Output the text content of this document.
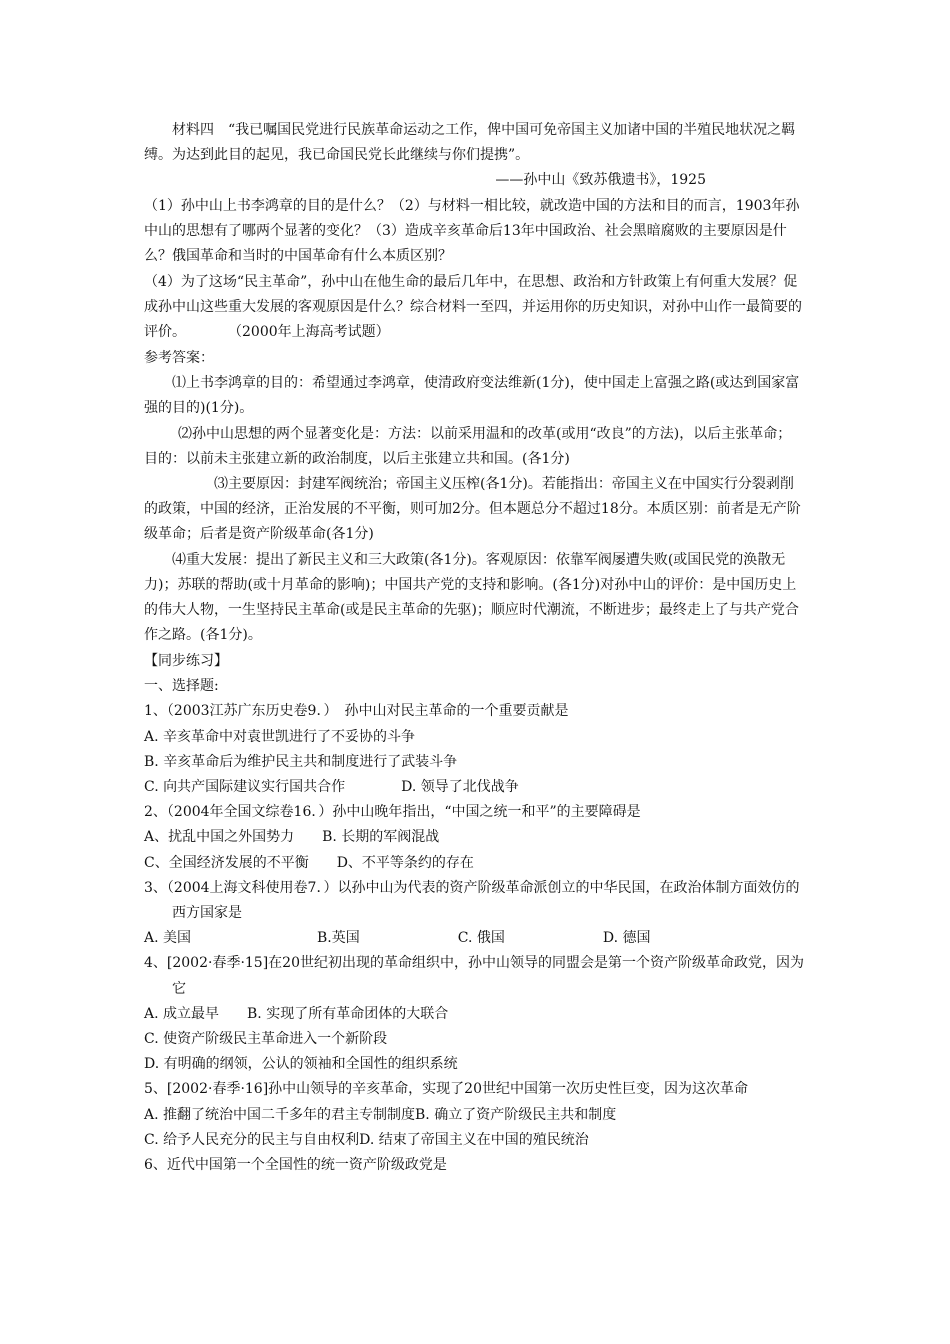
材料四　“我已嘱国民党进行民族革命运动之工作，俾中国可免帝国主义加诸中国的半殖民地状况之羁缚。为达到此目的起见，我已命国民党长此继续与你们提携”。

——孙中山《致苏俄遗书》，1925

（1）孙中山上书李鸿章的目的是什么？（2）与材料一相比较，就改造中国的方法和目的而言，1903年孙中山的思想有了哪两个显著的变化？（3）造成辛亥革命后13年中国政治、社会黑暗腐败的主要原因是什么？俄国革命和当时的中国革命有什么本质区别？

（4）为了这场“民主革命”，孙中山在他生命的最后几年中，在思想、政治和方针政策上有何重大发展？促成孙中山这些重大发展的客观原因是什么？综合材料一至四，并运用你的历史知识，对孙中山作一最简要的评价。　　　　（2000年上海高考试题）

参考答案：

⑴上书李鸿章的目的：希望通过李鸿章，使清政府变法维新(1分)，使中国走上富强之路(或达到国家富强的目的)(1分)。

⑵孙中山思想的两个显著变化是：方法：以前采用温和的改革(或用“改良”的方法)，以后主张革命；目的：以前未主张建立新的政治制度，以后主张建立共和国。(各1分)

⑶主要原因：封建军阀统治；帝国主义压榨(各1分)。若能指出：帝国主义在中国实行分裂剥削的政策，中国的经济，正治发展的不平衡，则可加2分。但本题总分不超过18分。本质区别：前者是无产阶级革命；后者是资产阶级革命(各1分)

⑷重大发展：提出了新民主义和三大政策(各1分)。客观原因：依靠军阀屡遭失败(或国民党的涣散无力)；苏联的帮助(或十月革命的影响)；中国共产党的支持和影响。(各1分)对孙中山的评价：是中国历史上的伟大人物，一生坚持民主革命(或是民主革命的先驱)；顺应时代潮流，不断进步；最终走上了与共产党合作之路。(各1分)。

【同步练习】

一、选择题:

1、（2003江苏广东历史卷9．）　孙中山对民主革命的一个重要贡献是

A. 辛亥革命中对袁世凯进行了不妥协的斗争

B. 辛亥革命后为维护民主共和制度进行了武装斗争

C. 向共产国际建议实行国共合作　　　　D. 领导了北伐战争

2、（2004年全国文综卷16．）孙中山晚年指出，“中国之统一和平”的主要障碍是

A、扰乱中国之外国势力　　B. 长期的军阀混战

C、全国经济发展的不平衡　　D、不平等条约的存在

3、（2004上海文科使用卷7．）以孙中山为代表的资产阶级革命派创立的中华民国，在政治体制方面效仿的西方国家是

A. 美国　　　　　　　　　B.英国　　　　　　　C. 俄国　　　　　　　D. 德国

4、[2002·春季·15]在20世纪初出现的革命组织中，孙中山领导的同盟会是第一个资产阶级革命政党，因为它

A. 成立最早　　B. 实现了所有革命团体的大联合

C. 使资产阶级民主革命进入一个新阶段

D. 有明确的纲领，公认的领袖和全国性的组织系统

5、[2002·春季·16]孙中山领导的辛亥革命，实现了20世纪中国第一次历史性巨变，因为这次革命

A. 推翻了统治中国二千多年的君主专制制度B. 确立了资产阶级民主共和制度

C. 给予人民充分的民主与自由权利D. 结束了帝国主义在中国的殖民统治

6、近代中国第一个全国性的统一资产阶级政党是
